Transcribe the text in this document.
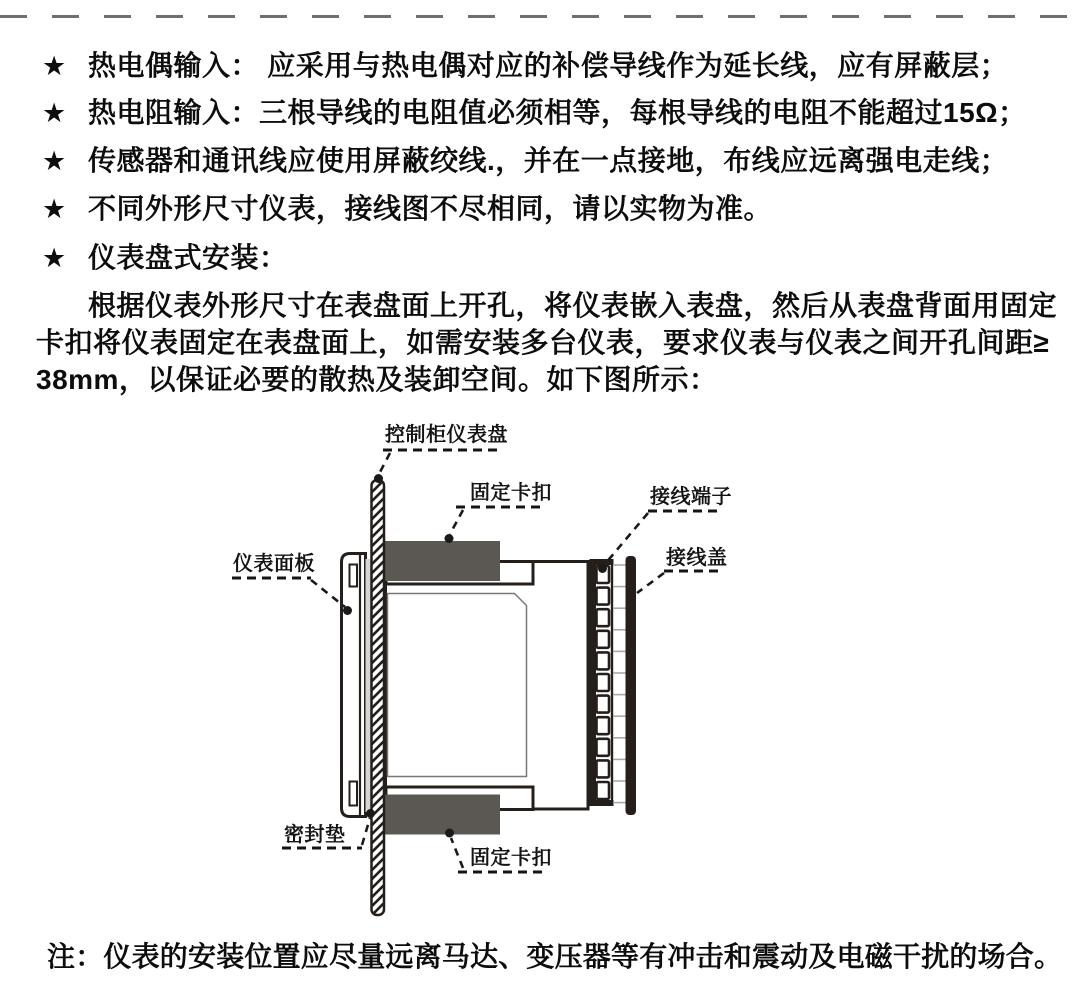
★ 热电偶输入： 应采用与热电偶对应的补偿导线作为延长线，应有屏蔽层；
★ 热电阻输入：三根导线的电阻值必须相等，每根导线的电阻不能超过15Ω；
★ 传感器和通讯线应使用屏蔽绞线.，并在一点接地，布线应远离强电走线；
★ 不同外形尺寸仪表，接线图不尽相同，请以实物为准。
★ 仪表盘式安装：
根据仪表外形尺寸在表盘面上开孔，将仪表嵌入表盘，然后从表盘背面用固定
卡扣将仪表固定在表盘面上，如需安装多台仪表，要求仪表与仪表之间开孔间距≥
38mm，以保证必要的散热及装卸空间。如下图所示：
控制柜仪表盘
固定卡扣	接线端子
接线盖
仪表面板
密封垫
固定卡扣
注：仪表的安装位置应尽量远离马达、变压器等有冲击和震动及电磁干扰的场合。
